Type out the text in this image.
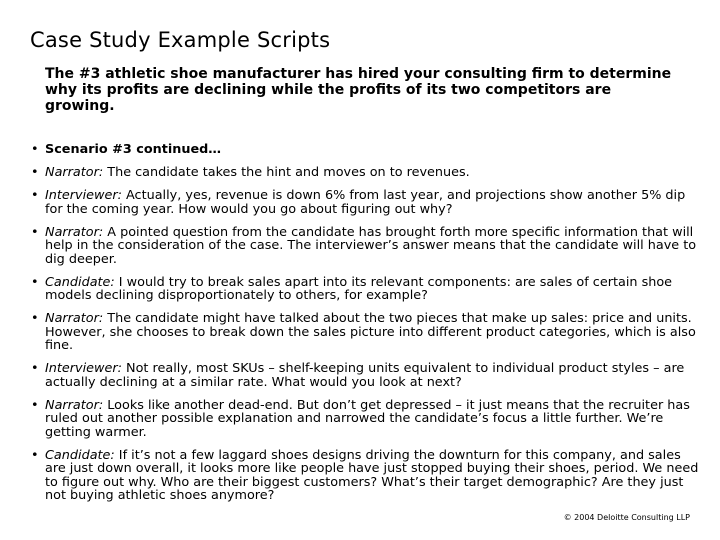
Case Study Example Scripts
The #3 athletic shoe manufacturer has hired your consulting firm to determine why its profits are declining while the profits of its two competitors are growing.
• Scenario #3 continued…
• Narrator: The candidate takes the hint and moves on to revenues.
• Interviewer: Actually, yes, revenue is down 6% from last year, and projections show another 5% dip for the coming year. How would you go about figuring out why?
• Narrator: A pointed question from the candidate has brought forth more specific information that will help in the consideration of the case. The interviewer’s answer means that the candidate will have to dig deeper.
• Candidate: I would try to break sales apart into its relevant components: are sales of certain shoe models declining disproportionately to others, for example?
• Narrator: The candidate might have talked about the two pieces that make up sales: price and units. However, she chooses to break down the sales picture into different product categories, which is also fine.
• Interviewer: Not really, most SKUs – shelf-keeping units equivalent to individual product styles – are actually declining at a similar rate. What would you look at next?
• Narrator: Looks like another dead-end. But don’t get depressed – it just means that the recruiter has ruled out another possible explanation and narrowed the candidate’s focus a little further. We’re getting warmer.
• Candidate: If it’s not a few laggard shoes designs driving the downturn for this company, and sales are just down overall, it looks more like people have just stopped buying their shoes, period. We need to figure out why. Who are their biggest customers? What’s their target demographic? Are they just not buying athletic shoes anymore?
© 2004 Deloitte Consulting LLP
